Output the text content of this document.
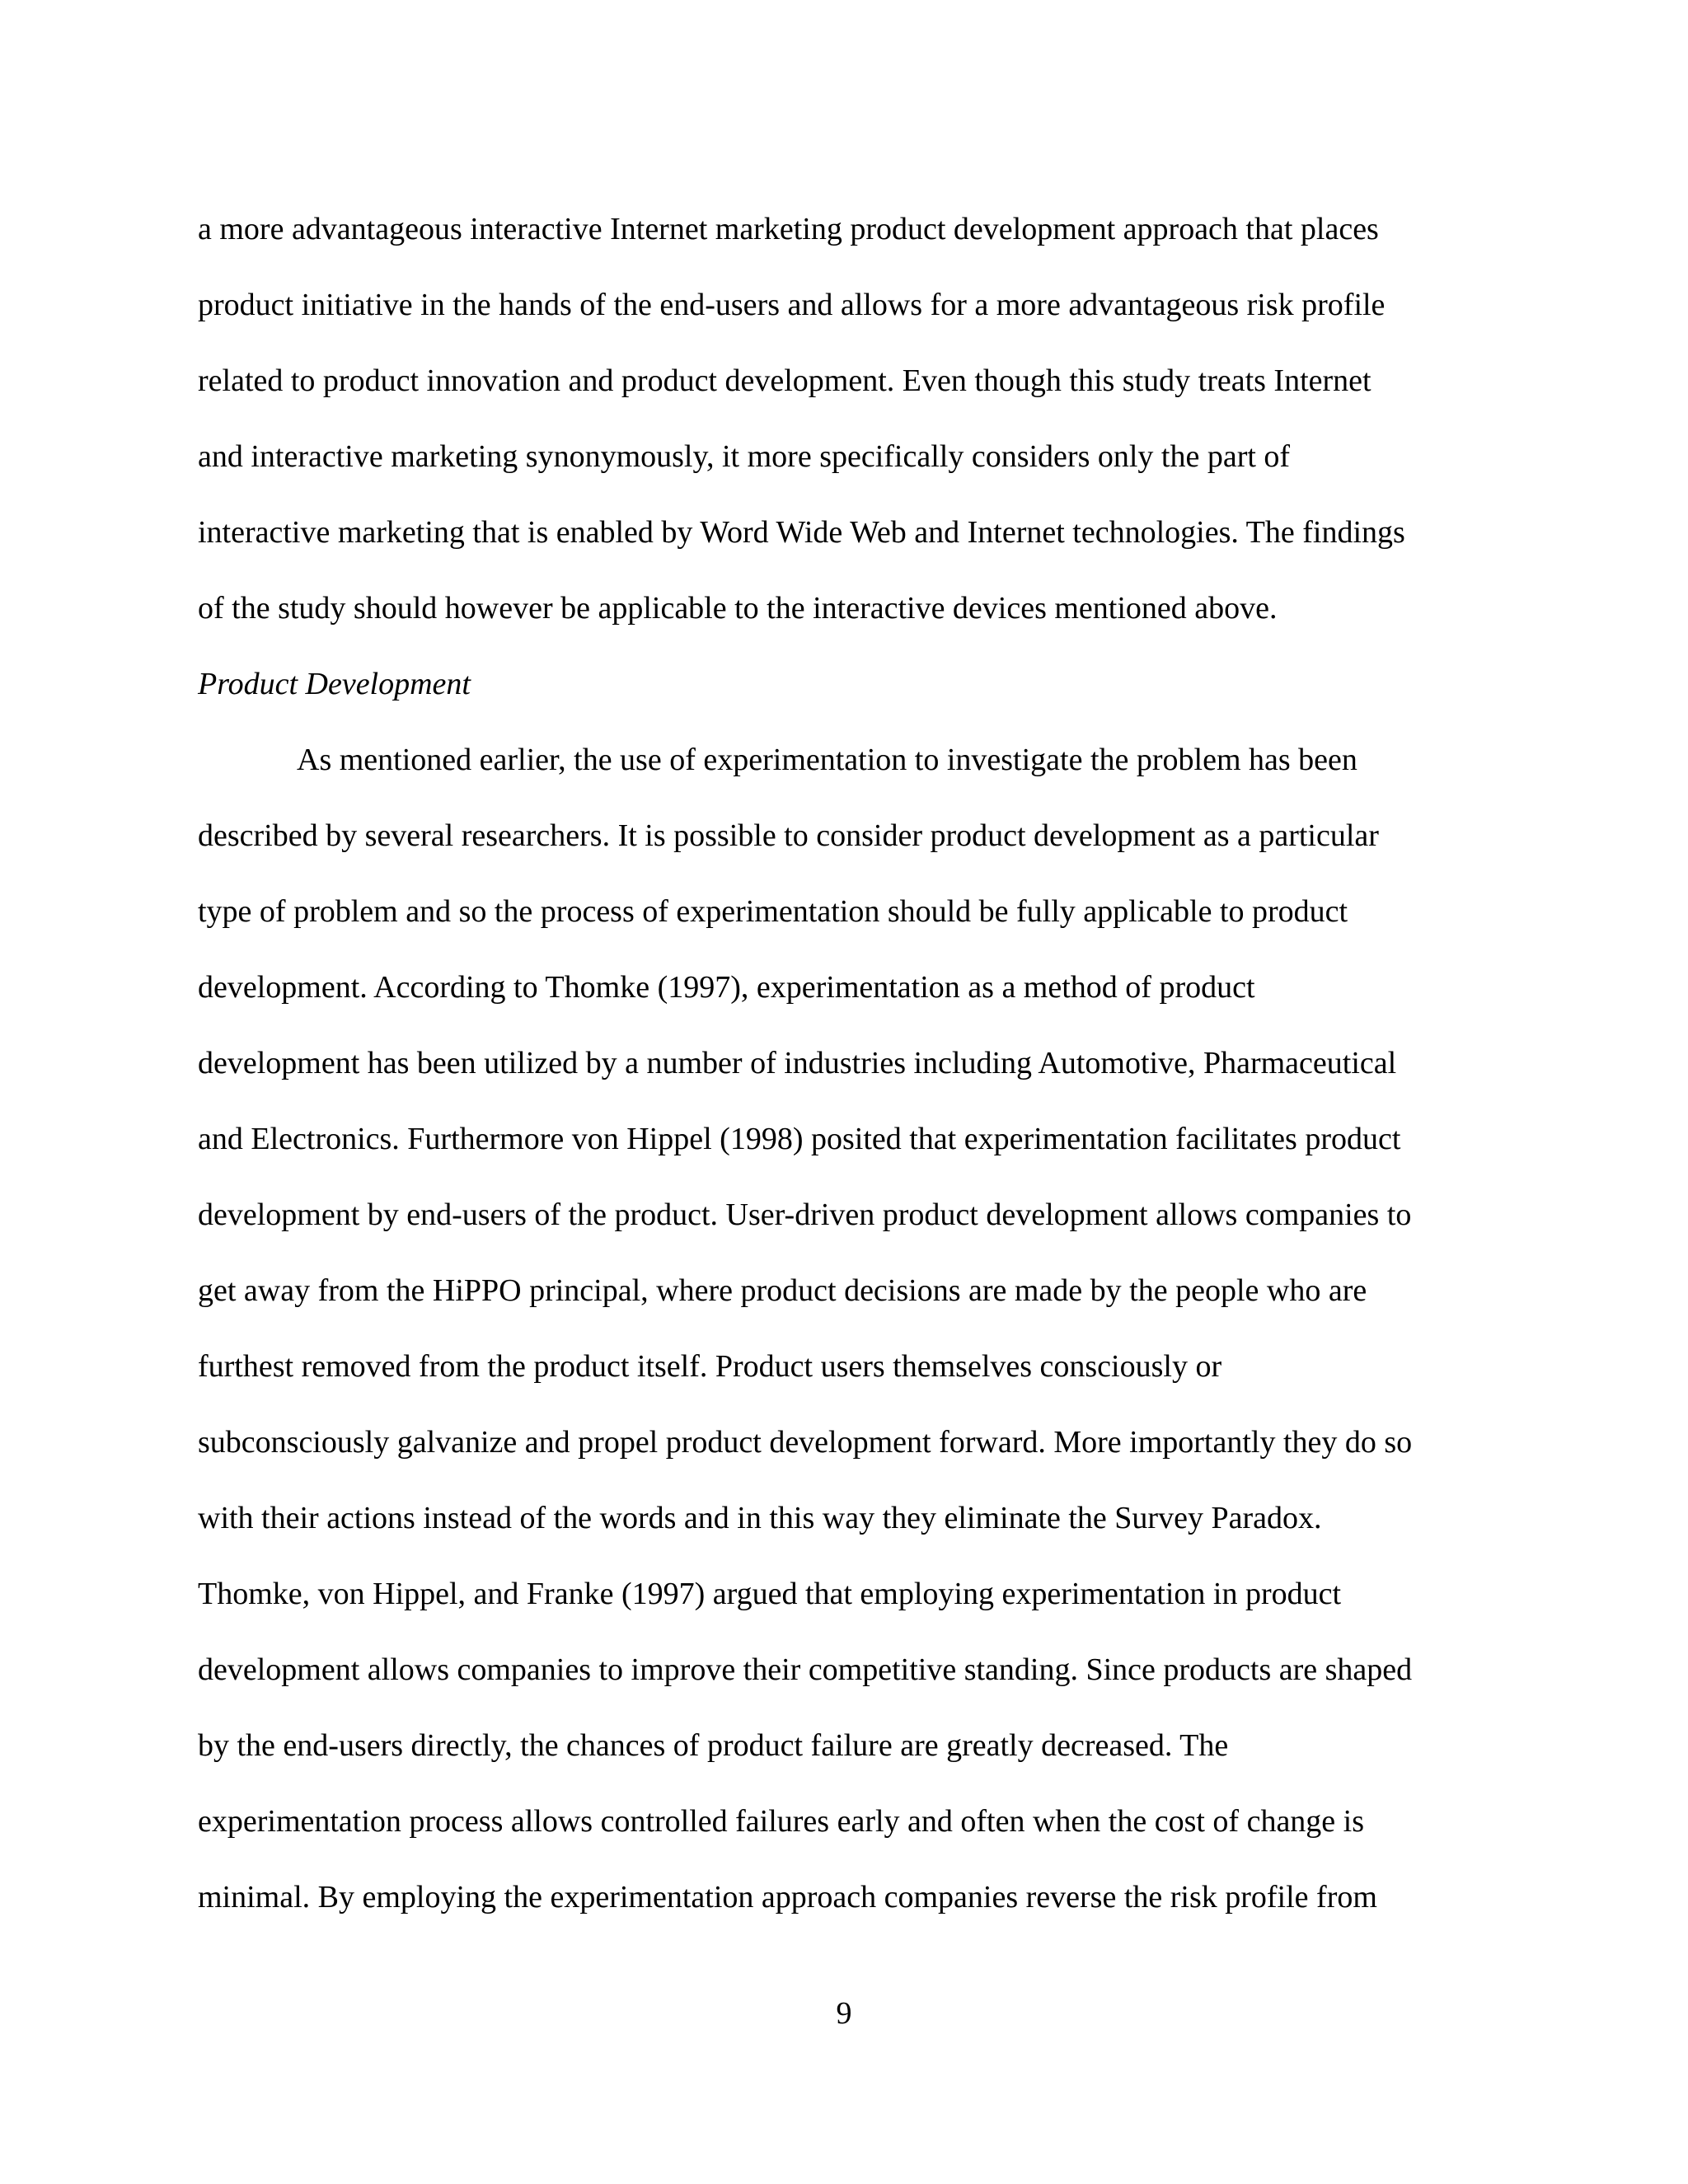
a more advantageous interactive Internet marketing product development approach that places
product initiative in the hands of the end-users and allows for a more advantageous risk profile
related to product innovation and product development. Even though this study treats Internet
and interactive marketing synonymously, it more specifically considers only the part of
interactive marketing that is enabled by Word Wide Web and Internet technologies. The findings
of the study should however be applicable to the interactive devices mentioned above.
Product Development
As mentioned earlier, the use of experimentation to investigate the problem has been
described by several researchers. It is possible to consider product development as a particular
type of problem and so the process of experimentation should be fully applicable to product
development. According to Thomke (1997), experimentation as a method of product
development has been utilized by a number of industries including Automotive, Pharmaceutical
and Electronics. Furthermore von Hippel (1998) posited that experimentation facilitates product
development by end-users of the product. User-driven product development allows companies to
get away from the HiPPO principal, where product decisions are made by the people who are
furthest removed from the product itself. Product users themselves consciously or
subconsciously galvanize and propel product development forward. More importantly they do so
with their actions instead of the words and in this way they eliminate the Survey Paradox.
Thomke, von Hippel, and Franke (1997) argued that employing experimentation in product
development allows companies to improve their competitive standing. Since products are shaped
by the end-users directly, the chances of product failure are greatly decreased. The
experimentation process allows controlled failures early and often when the cost of change is
minimal. By employing the experimentation approach companies reverse the risk profile from
9
